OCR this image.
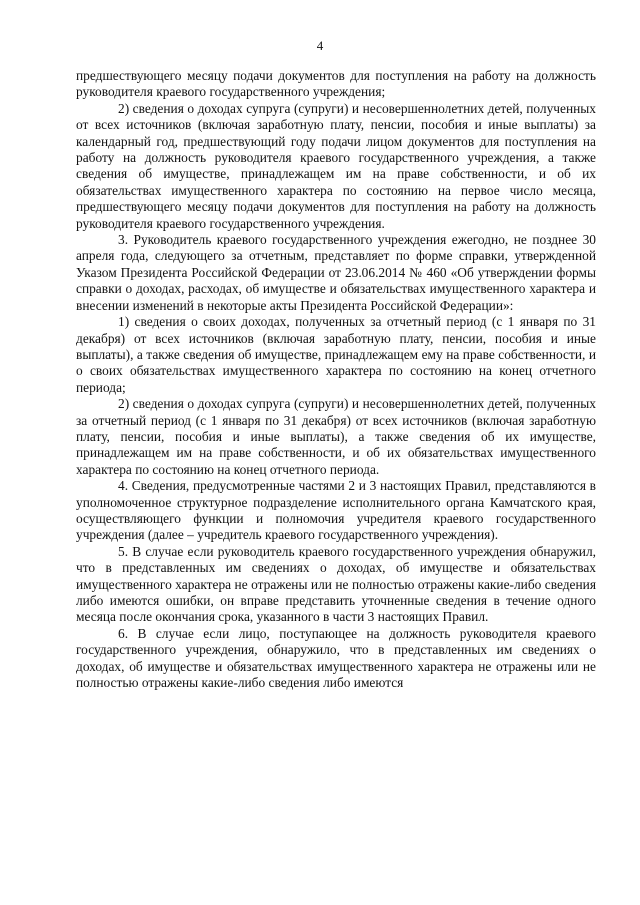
4

предшествующего месяцу подачи документов для поступления на работу на должность руководителя краевого государственного учреждения;

2) сведения о доходах супруга (супруги) и несовершеннолетних детей, полученных от всех источников (включая заработную плату, пенсии, пособия и иные выплаты) за календарный год, предшествующий году подачи лицом документов для поступления на работу на должность руководителя краевого государственного учреждения, а также сведения об имуществе, принадлежащем им на праве собственности, и об их обязательствах имущественного характера по состоянию на первое число месяца, предшествующего месяцу подачи документов для поступления на работу на должность руководителя краевого государственного учреждения.

3. Руководитель краевого государственного учреждения ежегодно, не позднее 30 апреля года, следующего за отчетным, представляет по форме справки, утвержденной Указом Президента Российской Федерации от 23.06.2014 № 460 «Об утверждении формы справки о доходах, расходах, об имуществе и обязательствах имущественного характера и внесении изменений в некоторые акты Президента Российской Федерации»:

1) сведения о своих доходах, полученных за отчетный период (с 1 января по 31 декабря) от всех источников (включая заработную плату, пенсии, пособия и иные выплаты), а также сведения об имуществе, принадлежащем ему на праве собственности, и о своих обязательствах имущественного характера по состоянию на конец отчетного периода;

2) сведения о доходах супруга (супруги) и несовершеннолетних детей, полученных за отчетный период (с 1 января по 31 декабря) от всех источников (включая заработную плату, пенсии, пособия и иные выплаты), а также сведения об их имуществе, принадлежащем им на праве собственности, и об их обязательствах имущественного характера по состоянию на конец отчетного периода.

4. Сведения, предусмотренные частями 2 и 3 настоящих Правил, представляются в уполномоченное структурное подразделение исполнительного органа Камчатского края, осуществляющего функции и полномочия учредителя краевого государственного учреждения (далее – учредитель краевого государственного учреждения).

5. В случае если руководитель краевого государственного учреждения обнаружил, что в представленных им сведениях о доходах, об имуществе и обязательствах имущественного характера не отражены или не полностью отражены какие-либо сведения либо имеются ошибки, он вправе представить уточненные сведения в течение одного месяца после окончания срока, указанного в части 3 настоящих Правил.

6. В случае если лицо, поступающее на должность руководителя краевого государственного учреждения, обнаружило, что в представленных им сведениях о доходах, об имуществе и обязательствах имущественного характера не отражены или не полностью отражены какие-либо сведения либо имеются
